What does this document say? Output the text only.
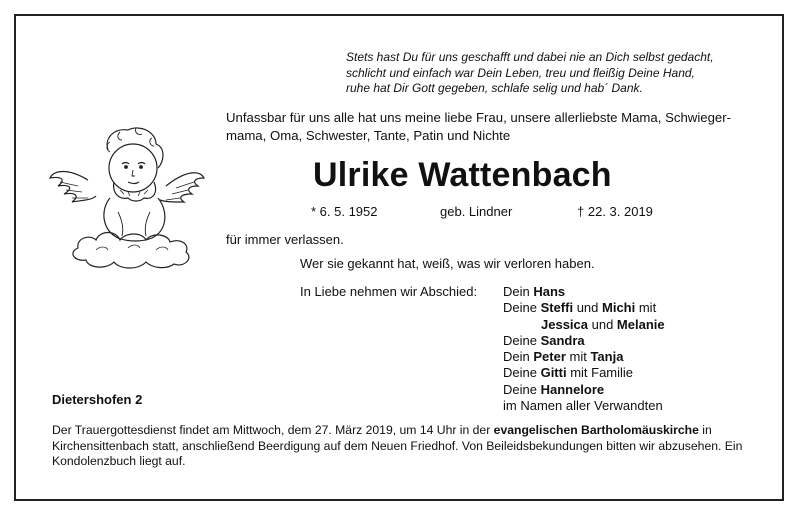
Stets hast Du für uns geschafft und dabei nie an Dich selbst gedacht,
schlicht und einfach war Dein Leben, treu und fleißig Deine Hand,
ruhe hat Dir Gott gegeben, schlafe selig und hab´ Dank.
Unfassbar für uns alle hat uns meine liebe Frau, unsere allerliebste Mama, Schwieger-
mama, Oma, Schwester, Tante, Patin und Nichte
Ulrike Wattenbach
* 6. 5. 1952	geb. Lindner	† 22. 3. 2019
für immer verlassen.
Wer sie gekannt hat, weiß, was wir verloren haben.
In Liebe nehmen wir Abschied: Dein Hans
Deine Steffi und Michi mit
Jessica und Melanie
Deine Sandra
Dein Peter mit Tanja
Deine Gitti mit Familie
Deine Hannelore
im Namen aller Verwandten
Dietershofen 2
Der Trauergottesdienst findet am Mittwoch, dem 27. März 2019, um 14 Uhr in der evangelischen Bartholomäuskirche in Kirchensittenbach statt, anschließend Beerdigung auf dem Neuen Friedhof. Von Beileidsbekundungen bitten wir abzusehen. Ein Kondolenzbuch liegt auf.
